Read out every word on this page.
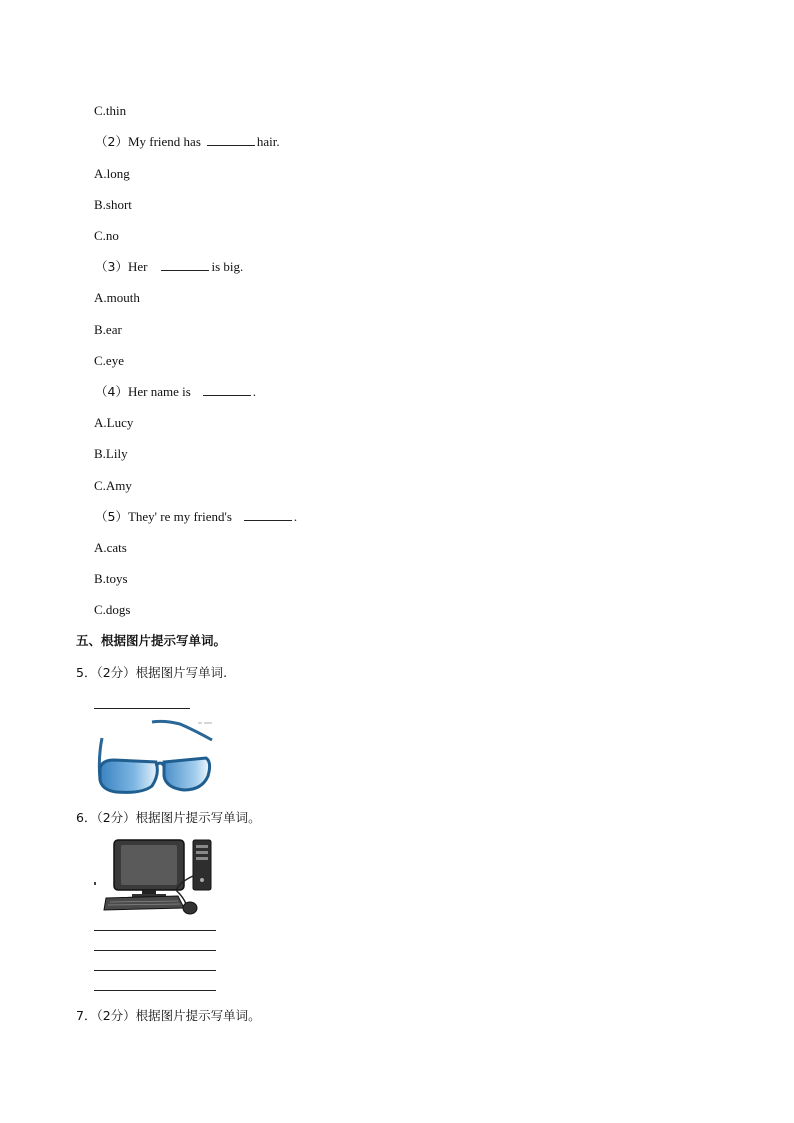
C.thin
（2）My friend has	hair.
A.long
B.short
C.no
（3）Her	is big.
A.mouth
B.ear
C.eye
（4）Her name is	.
A.Lucy
B.Lily
C.Amy
（5）They' re my friend's	.
A.cats
B.toys
C.dogs
五、根据图片提示写单词。
5．（2分）根据图片写单词.
6．（2分）根据图片提示写单词。
7．（2分）根据图片提示写单词。
